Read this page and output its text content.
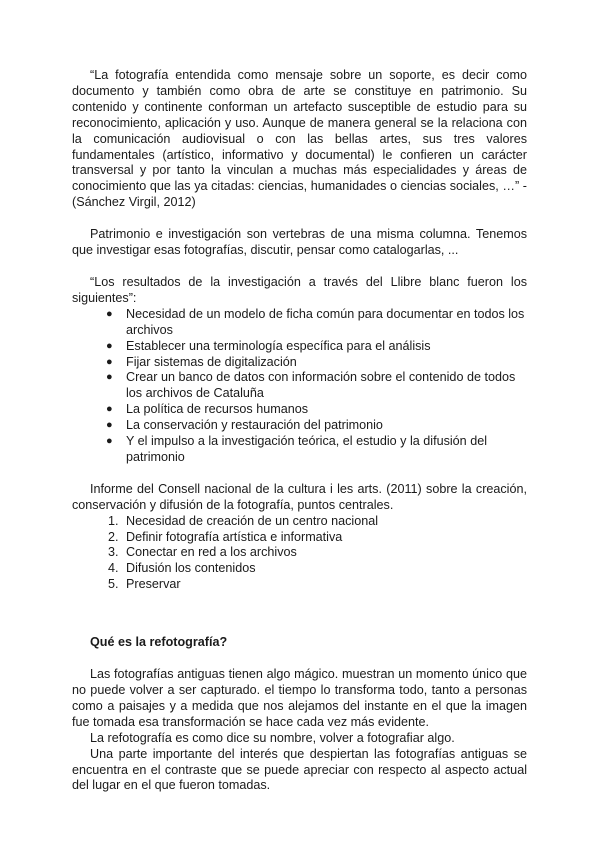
“La fotografía entendida como mensaje sobre un soporte, es decir como documento y también como obra de arte se constituye en patrimonio. Su contenido y continente conforman un artefacto susceptible de estudio para su reconocimiento, aplicación y uso. Aunque de manera general se la relaciona con la comunicación audiovisual o con las bellas artes, sus tres valores fundamentales (artístico, informativo y documental) le confieren un carácter transversal y por tanto la vinculan a muchas más especialidades y áreas de conocimiento que las ya citadas: ciencias, humanidades o ciencias sociales, …” -(Sánchez Virgil, 2012)

Patrimonio e investigación son vertebras de una misma columna. Tenemos que investigar esas fotografías, discutir, pensar como catalogarlas, ...

“Los resultados de la investigación a través del Llibre blanc fueron los siguientes”:

● Necesidad de un modelo de ficha común para documentar en todos los archivos
● Establecer una terminología específica para el análisis
● Fijar sistemas de digitalización
● Crear un banco de datos con información sobre el contenido de todos los archivos de Cataluña
● La política de recursos humanos
● La conservación y restauración del patrimonio
● Y el impulso a la investigación teórica, el estudio y la difusión del patrimonio

Informe del Consell nacional de la cultura i les arts. (2011) sobre la creación, conservación y difusión de la fotografía, puntos centrales.

1. Necesidad de creación de un centro nacional
2. Definir fotografía artística e informativa
3. Conectar en red a los archivos
4. Difusión los contenidos
5. Preservar
Qué es la refotografía?

Las fotografías antiguas tienen algo mágico. muestran un momento único que no puede volver a ser capturado. el tiempo lo transforma todo, tanto a personas como a paisajes y a medida que nos alejamos del instante en el que la imagen fue tomada esa transformación se hace cada vez más evidente.

La refotografía es como dice su nombre, volver a fotografiar algo.

Una parte importante del interés que despiertan las fotografías antiguas se encuentra en el contraste que se puede apreciar con respecto al aspecto actual del lugar en el que fueron tomadas.
